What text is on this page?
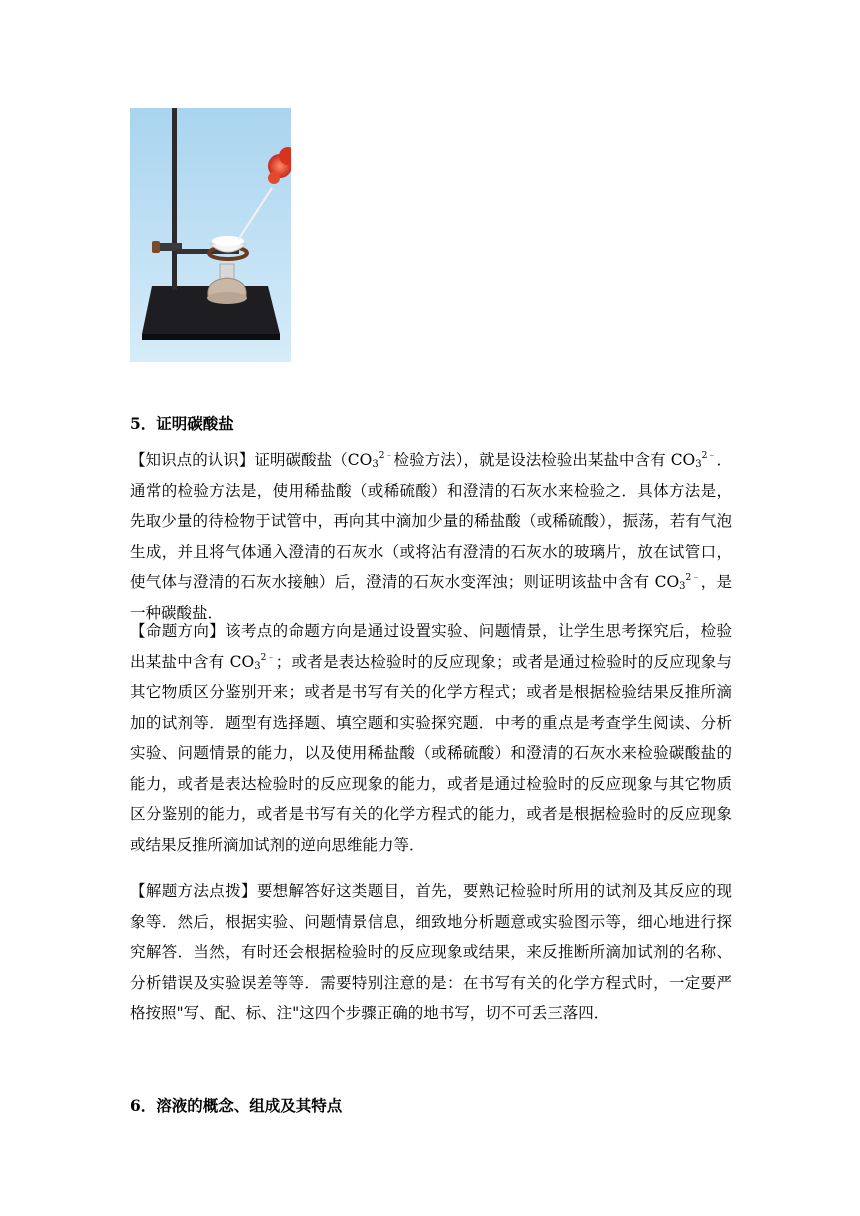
5．证明碳酸盐
【知识点的认识】证明碳酸盐（$CO_3^{2﹣}$检验方法），就是设法检验出某盐中含有 $CO_3^{2﹣}$．通常的检验方法是，使用稀盐酸（或稀硫酸）和澄清的石灰水来检验之．具体方法是，先取少量的待检物于试管中，再向其中滴加少量的稀盐酸（或稀硫酸），振荡，若有气泡生成，并且将气体通入澄清的石灰水（或将沾有澄清的石灰水的玻璃片，放在试管口，使气体与澄清的石灰水接触）后，澄清的石灰水变浑浊；则证明该盐中含有 $CO_3^{2﹣}$，是一种碳酸盐．
【命题方向】该考点的命题方向是通过设置实验、问题情景，让学生思考探究后，检验出某盐中含有 $CO_3^{2﹣}$；或者是表达检验时的反应现象；或者是通过检验时的反应现象与其它物质区分鉴别开来；或者是书写有关的化学方程式；或者是根据检验结果反推所滴加的试剂等．题型有选择题、填空题和实验探究题．中考的重点是考查学生阅读、分析实验、问题情景的能力，以及使用稀盐酸（或稀硫酸）和澄清的石灰水来检验碳酸盐的能力，或者是表达检验时的反应现象的能力，或者是通过检验时的反应现象与其它物质区分鉴别的能力，或者是书写有关的化学方程式的能力，或者是根据检验时的反应现象或结果反推所滴加试剂的逆向思维能力等．
【解题方法点拨】要想解答好这类题目，首先，要熟记检验时所用的试剂及其反应的现象等．然后，根据实验、问题情景信息，细致地分析题意或实验图示等，细心地进行探究解答．当然，有时还会根据检验时的反应现象或结果，来反推断所滴加试剂的名称、分析错误及实验误差等等．需要特别注意的是：在书写有关的化学方程式时，一定要严格按照"写、配、标、注"这四个步骤正确的地书写，切不可丢三落四．
6．溶液的概念、组成及其特点
